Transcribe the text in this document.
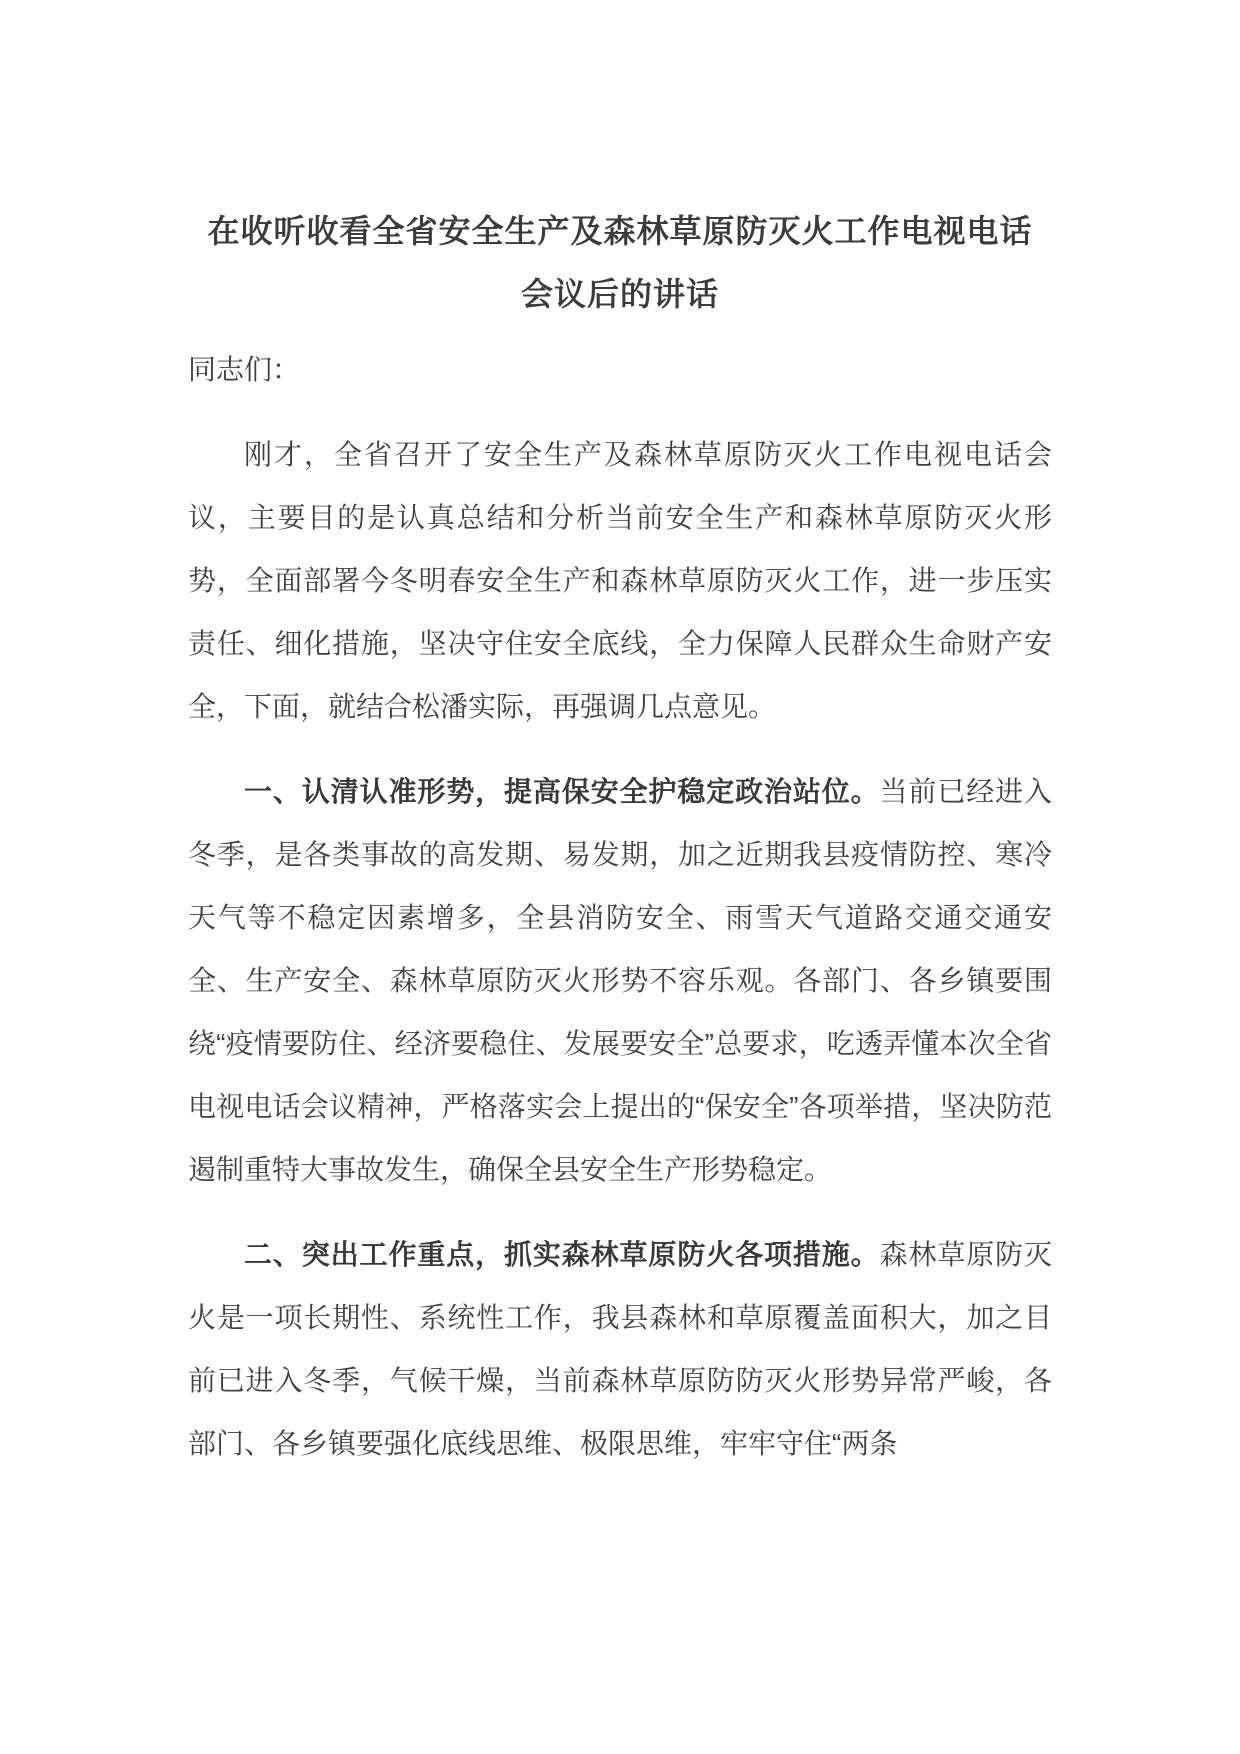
在收听收看全省安全生产及森林草原防灭火工作电视电话
会议后的讲话

同志们：

刚才，全省召开了安全生产及森林草原防灭火工作电视电话会议，主要目的是认真总结和分析当前安全生产和森林草原防灭火形势，全面部署今冬明春安全生产和森林草原防灭火工作，进一步压实责任、细化措施，坚决守住安全底线，全力保障人民群众生命财产安全，下面，就结合松潘实际，再强调几点意见。

一、认清认准形势，提高保安全护稳定政治站位。当前已经进入冬季，是各类事故的高发期、易发期，加之近期我县疫情防控、寒冷天气等不稳定因素增多，全县消防安全、雨雪天气道路交通交通安全、生产安全、森林草原防灭火形势不容乐观。各部门、各乡镇要围绕“疫情要防住、经济要稳住、发展要安全”总要求，吃透弄懂本次全省电视电话会议精神，严格落实会上提出的“保安全”各项举措，坚决防范遏制重特大事故发生，确保全县安全生产形势稳定。

二、突出工作重点，抓实森林草原防火各项措施。森林草原防灭火是一项长期性、系统性工作，我县森林和草原覆盖面积大，加之目前已进入冬季，气候干燥，当前森林草原防防灭火形势异常严峻，各部门、各乡镇要强化底线思维、极限思维，牢牢守住“两条
